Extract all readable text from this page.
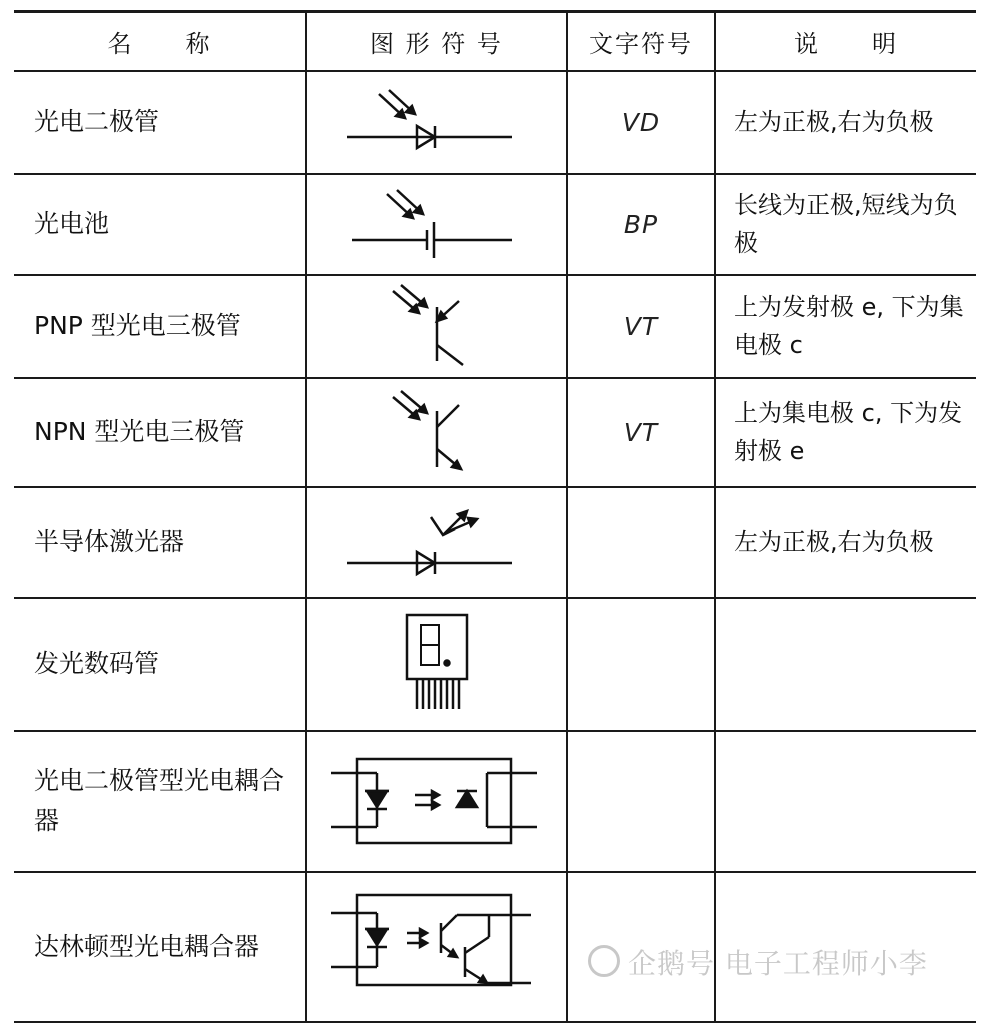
名　　称	图 形 符 号	文字符号	说　　明
光电二极管		VD	左为正极,右为负极
光电池		BP	长线为正极,短线为负极
PNP 型光电三极管		VT	上为发射极 e, 下为集电极 c
NPN 型光电三极管		VT	上为集电极 c, 下为发射极 e
半导体激光器			左为正极,右为负极
发光数码管	

光电二极管型光电耦合器	

达林顿型光电耦合器	

企鹅号 电子工程师小李
